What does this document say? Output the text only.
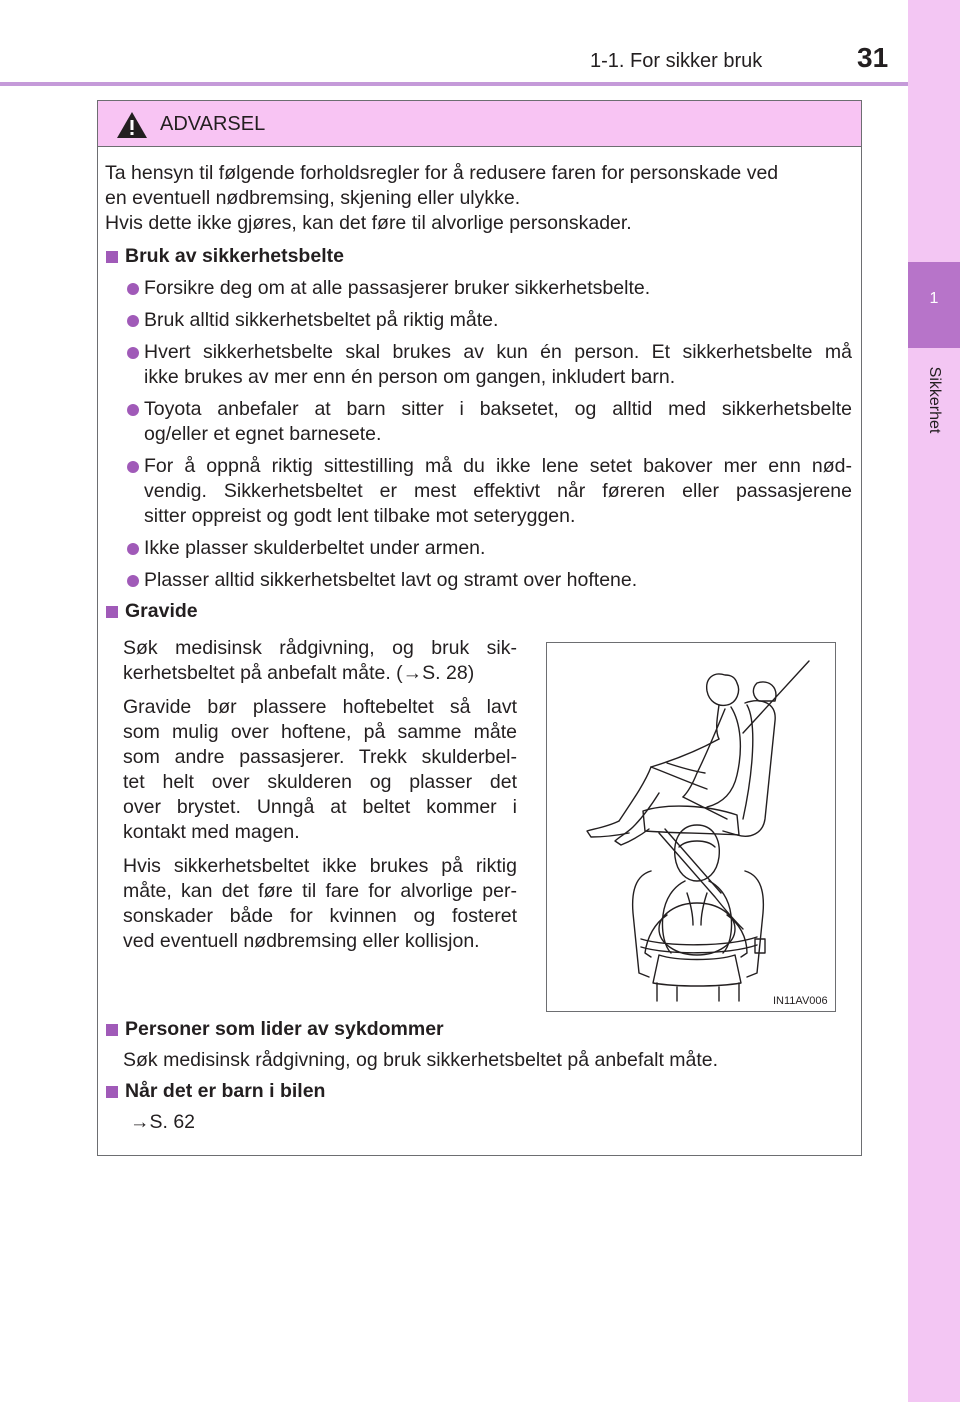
1-1. For sikker bruk	31
1
Sikkerhet
ADVARSEL
Ta hensyn til følgende forholdsregler for å redusere faren for personskade ved
en eventuell nødbremsing, skjening eller ulykke.
Hvis dette ikke gjøres, kan det føre til alvorlige personskader.
Bruk av sikkerhetsbelte
Forsikre deg om at alle passasjerer bruker sikkerhetsbelte.
Bruk alltid sikkerhetsbeltet på riktig måte.
Hvert sikkerhetsbelte skal brukes av kun én person. Et sikkerhetsbelte må
ikke brukes av mer enn én person om gangen, inkludert barn.
Toyota anbefaler at barn sitter i baksetet, og alltid med sikkerhetsbelte
og/eller et egnet barnesete.
For å oppnå riktig sittestilling må du ikke lene setet bakover mer enn nød-
vendig. Sikkerhetsbeltet er mest effektivt når føreren eller passasjerene
sitter oppreist og godt lent tilbake mot seteryggen.
Ikke plasser skulderbeltet under armen.
Plasser alltid sikkerhetsbeltet lavt og stramt over hoftene.
Gravide
Søk medisinsk rådgivning, og bruk sik-
kerhetsbeltet på anbefalt måte. (→S. 28)
Gravide bør plassere hoftebeltet så lavt
som mulig over hoftene, på samme måte
som andre passasjerer. Trekk skulderbel-
tet helt over skulderen og plasser det
over brystet. Unngå at beltet kommer i
kontakt med magen.
Hvis sikkerhetsbeltet ikke brukes på riktig
måte, kan det føre til fare for alvorlige per-
sonskader både for kvinnen og fosteret
ved eventuell nødbremsing eller kollisjon.
IN11AV006
Personer som lider av sykdommer
Søk medisinsk rådgivning, og bruk sikkerhetsbeltet på anbefalt måte.
Når det er barn i bilen
→S. 62
